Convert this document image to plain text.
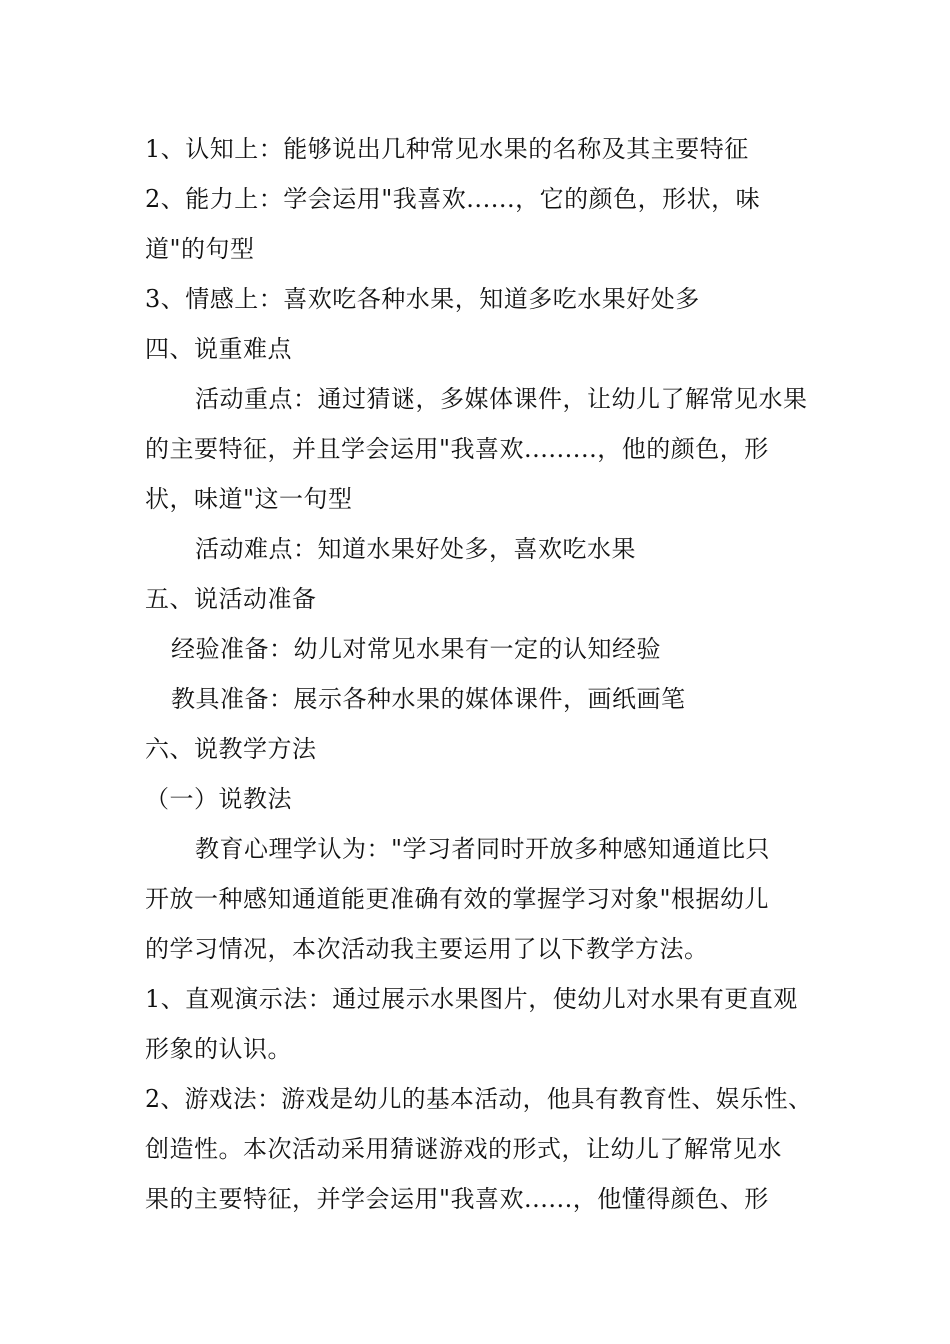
1、认知上：能够说出几种常见水果的名称及其主要特征
2、能力上：学会运用"我喜欢......，它的颜色，形状，味
道"的句型
3、情感上：喜欢吃各种水果，知道多吃水果好处多
四、说重难点
活动重点：通过猜谜，多媒体课件，让幼儿了解常见水果
的主要特征，并且学会运用"我喜欢.........，他的颜色，形
状，味道"这一句型
活动难点：知道水果好处多，喜欢吃水果
五、说活动准备
经验准备：幼儿对常见水果有一定的认知经验
教具准备：展示各种水果的媒体课件，画纸画笔
六、说教学方法
（一）说教法
教育心理学认为："学习者同时开放多种感知通道比只
开放一种感知通道能更准确有效的掌握学习对象"根据幼儿
的学习情况，本次活动我主要运用了以下教学方法。
1、直观演示法：通过展示水果图片，使幼儿对水果有更直观
形象的认识。
2、游戏法：游戏是幼儿的基本活动，他具有教育性、娱乐性、
创造性。本次活动采用猜谜游戏的形式，让幼儿了解常见水
果的主要特征，并学会运用"我喜欢......，他懂得颜色、形
